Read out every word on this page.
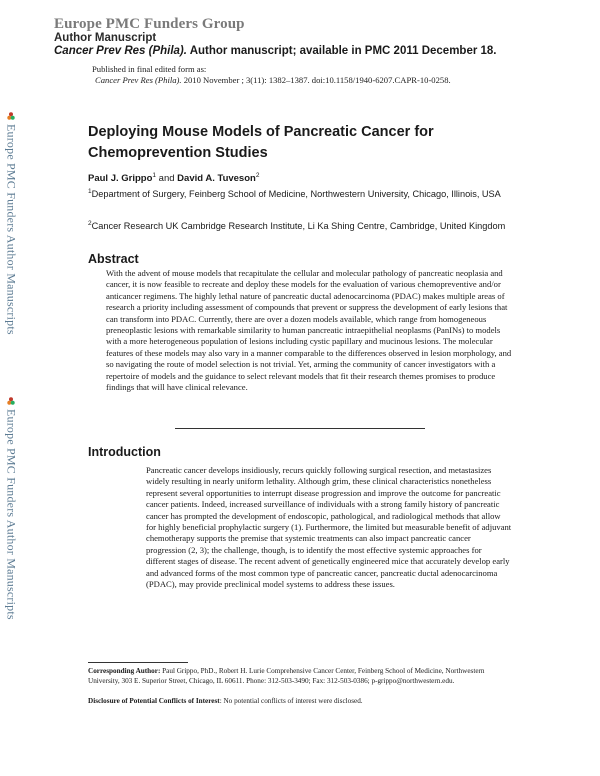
Europe PMC Funders Group
Author Manuscript
Cancer Prev Res (Phila). Author manuscript; available in PMC 2011 December 18.
Published in final edited form as:
Cancer Prev Res (Phila). 2010 November ; 3(11): 1382–1387. doi:10.1158/1940-6207.CAPR-10-0258.
Europe PMC Funders Author Manuscripts
Europe PMC Funders Author Manuscripts
Deploying Mouse Models of Pancreatic Cancer for Chemoprevention Studies
Paul J. Grippo$^1$ and David A. Tuveson$^2$
$^1$Department of Surgery, Feinberg School of Medicine, Northwestern University, Chicago, Illinois, USA
$^2$Cancer Research UK Cambridge Research Institute, Li Ka Shing Centre, Cambridge, United Kingdom
Abstract

With the advent of mouse models that recapitulate the cellular and molecular pathology of pancreatic neoplasia and cancer, it is now feasible to recreate and deploy these models for the evaluation of various chemopreventive and/or anticancer regimens. The highly lethal nature of pancreatic ductal adenocarcinoma (PDAC) makes multiple areas of research a priority including assessment of compounds that prevent or suppress the development of early lesions that can transform into PDAC. Currently, there are over a dozen models available, which range from homogeneous preneoplastic lesions with remarkable similarity to human pancreatic intraepithelial neoplasms (PanINs) to models with a more heterogeneous population of lesions including cystic papillary and mucinous lesions. The molecular features of these models may also vary in a manner comparable to the differences observed in lesion morphology, and so navigating the route of model selection is not trivial. Yet, arming the community of cancer investigators with a repertoire of models and the guidance to select relevant models that fit their research themes promises to produce findings that will have clinical relevance.

Introduction

Pancreatic cancer develops insidiously, recurs quickly following surgical resection, and metastasizes widely resulting in nearly uniform lethality. Although grim, these clinical characteristics nonetheless represent several opportunities to interrupt disease progression and improve the outcome for pancreatic cancer patients. Indeed, increased surveillance of individuals with a strong family history of pancreatic cancer has prompted the development of endoscopic, pathological, and radiological methods that allow for highly beneficial prophylactic surgery (1). Furthermore, the limited but measurable benefit of adjuvant chemotherapy supports the premise that systemic treatments can also impact pancreatic cancer progression (2, 3); the challenge, though, is to identify the most effective systemic approaches for different stages of disease. The recent advent of genetically engineered mice that accurately develop early and advanced forms of the most common type of pancreatic cancer, pancreatic ductal adenocarcinoma (PDAC), may provide preclinical model systems to address these issues.

Corresponding Author: Paul Grippo, PhD., Robert H. Lurie Comprehensive Cancer Center, Feinberg School of Medicine, Northwestern University, 303 E. Superior Street, Chicago, IL 60611. Phone: 312-503-3490; Fax: 312-503-0386; p-grippo@northwestern.edu.
Disclosure of Potential Conflicts of Interest: No potential conflicts of interest were disclosed.
